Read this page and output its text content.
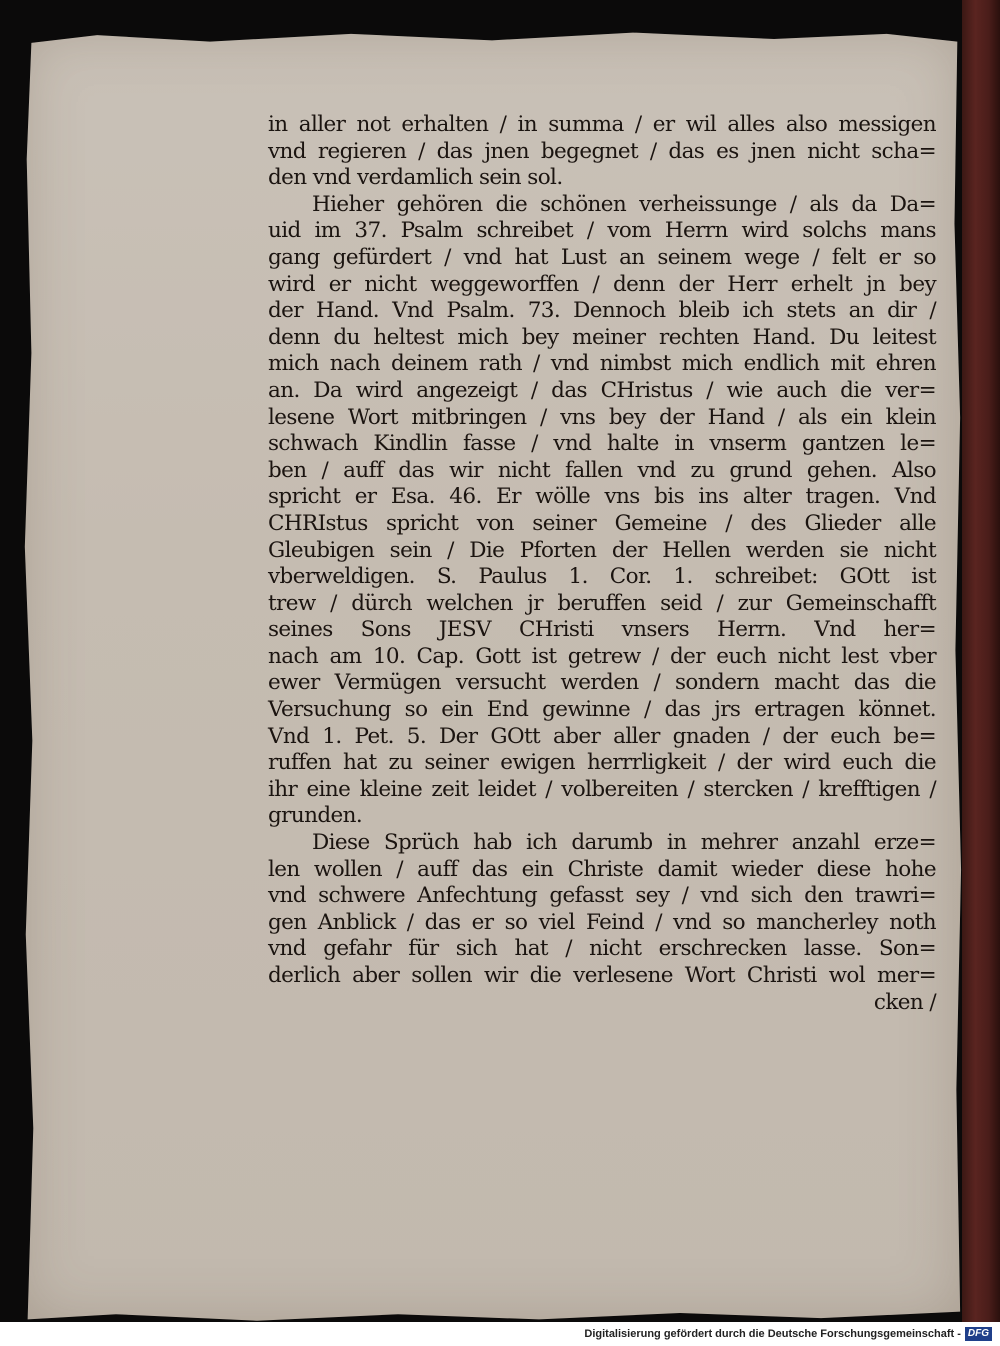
in aller not erhalten / in summa / er wil alles also messigen
vnd regieren / das jnen begegnet / das es jnen nicht scha=
den vnd verdamlich sein sol.
Hieher gehören die schönen verheissunge / als da Da=
uid im 37. Psalm schreibet / vom Herrn wird solchs mans
gang gefürdert / vnd hat Lust an seinem wege / felt er so
wird er nicht weggeworffen / denn der Herr erhelt jn bey
der Hand. Vnd Psalm. 73. Dennoch bleib ich stets an dir /
denn du heltest mich bey meiner rechten Hand. Du leitest
mich nach deinem rath / vnd nimbst mich endlich mit ehren
an. Da wird angezeigt / das CHristus / wie auch die ver=
lesene Wort mitbringen / vns bey der Hand / als ein klein
schwach Kindlin fasse / vnd halte in vnserm gantzen le=
ben / auff das wir nicht fallen vnd zu grund gehen. Also
spricht er Esa. 46. Er wölle vns bis ins alter tragen. Vnd
CHRIstus spricht von seiner Gemeine / des Glieder alle
Gleubigen sein / Die Pforten der Hellen werden sie nicht
vberweldigen. S. Paulus 1. Cor. 1. schreibet: GOtt ist
trew / dürch welchen jr beruffen seid / zur Gemeinschafft
seines Sons JESV CHristi vnsers Herrn. Vnd her=
nach am 10. Cap. Gott ist getrew / der euch nicht lest vber
ewer Vermügen versucht werden / sondern macht das die
Versuchung so ein End gewinne / das jrs ertragen könnet.
Vnd 1. Pet. 5. Der GOtt aber aller gnaden / der euch be=
ruffen hat zu seiner ewigen herrrligkeit / der wird euch die
ihr eine kleine zeit leidet / volbereiten / stercken / krefftigen /
grunden.
Diese Sprüch hab ich darumb in mehrer anzahl erze=
len wollen / auff das ein Christe damit wieder diese hohe
vnd schwere Anfechtung gefasst sey / vnd sich den trawri=
gen Anblick / das er so viel Feind / vnd so mancherley noth
vnd gefahr für sich hat / nicht erschrecken lasse. Son=
derlich aber sollen wir die verlesene Wort Christi wol mer=
cken /
Digitalisierung gefördert durch die Deutsche Forschungsgemeinschaft - DFG
